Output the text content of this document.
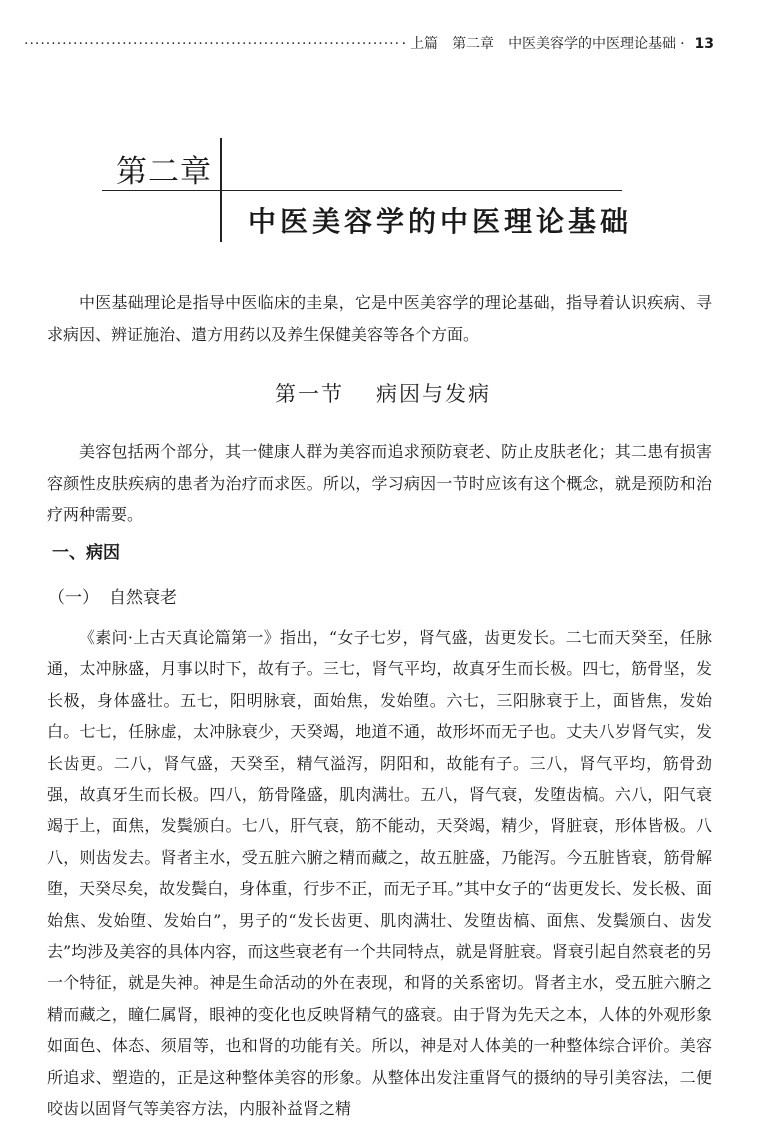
·····
· 上篇 第二章 中医美容学的中医理论基础 · 13
第二章
中医美容学的中医理论基础

中医基础理论是指导中医临床的圭臬，它是中医美容学的理论基础，指导着认识疾病、寻求病因、辨证施治、遣方用药以及养生保健美容等各个方面。

第一节 病因与发病

美容包括两个部分，其一健康人群为美容而追求预防衰老、防止皮肤老化；其二患有损害容颜性皮肤疾病的患者为治疗而求医。所以，学习病因一节时应该有这个概念，就是预防和治疗两种需要。

一、病因
（一） 自然衰老

《素问·上古天真论篇第一》指出，“女子七岁，肾气盛，齿更发长。二七而天癸至，任脉通，太冲脉盛，月事以时下，故有子。三七，肾气平均，故真牙生而长极。四七，筋骨坚，发长极，身体盛壮。五七，阳明脉衰，面始焦，发始堕。六七，三阳脉衰于上，面皆焦，发始白。七七，任脉虚，太冲脉衰少，天癸竭，地道不通，故形坏而无子也。丈夫八岁肾气实，发长齿更。二八，肾气盛，天癸至，精气溢泻，阴阳和，故能有子。三八，肾气平均，筋骨劲强，故真牙生而长极。四八，筋骨隆盛，肌肉满壮。五八，肾气衰，发堕齿槁。六八，阳气衰竭于上，面焦，发鬓颁白。七八，肝气衰，筋不能动，天癸竭，精少，肾脏衰，形体皆极。八八，则齿发去。肾者主水，受五脏六腑之精而藏之，故五脏盛，乃能泻。今五脏皆衰，筋骨解堕，天癸尽矣，故发鬓白，身体重，行步不正，而无子耳。”其中女子的“齿更发长、发长极、面始焦、发始堕、发始白”，男子的“发长齿更、肌肉满壮、发堕齿槁、面焦、发鬓颁白、齿发去”均涉及美容的具体内容，而这些衰老有一个共同特点，就是肾脏衰。肾衰引起自然衰老的另一个特征，就是失神。神是生命活动的外在表现，和肾的关系密切。肾者主水，受五脏六腑之精而藏之，瞳仁属肾，眼神的变化也反映肾精气的盛衰。由于肾为先天之本，人体的外观形象如面色、体态、须眉等，也和肾的功能有关。所以，神是对人体美的一种整体综合评价。美容所追求、塑造的，正是这种整体美容的形象。从整体出发注重肾气的摄纳的导引美容法，二便咬齿以固肾气等美容方法，内服补益肾之精
